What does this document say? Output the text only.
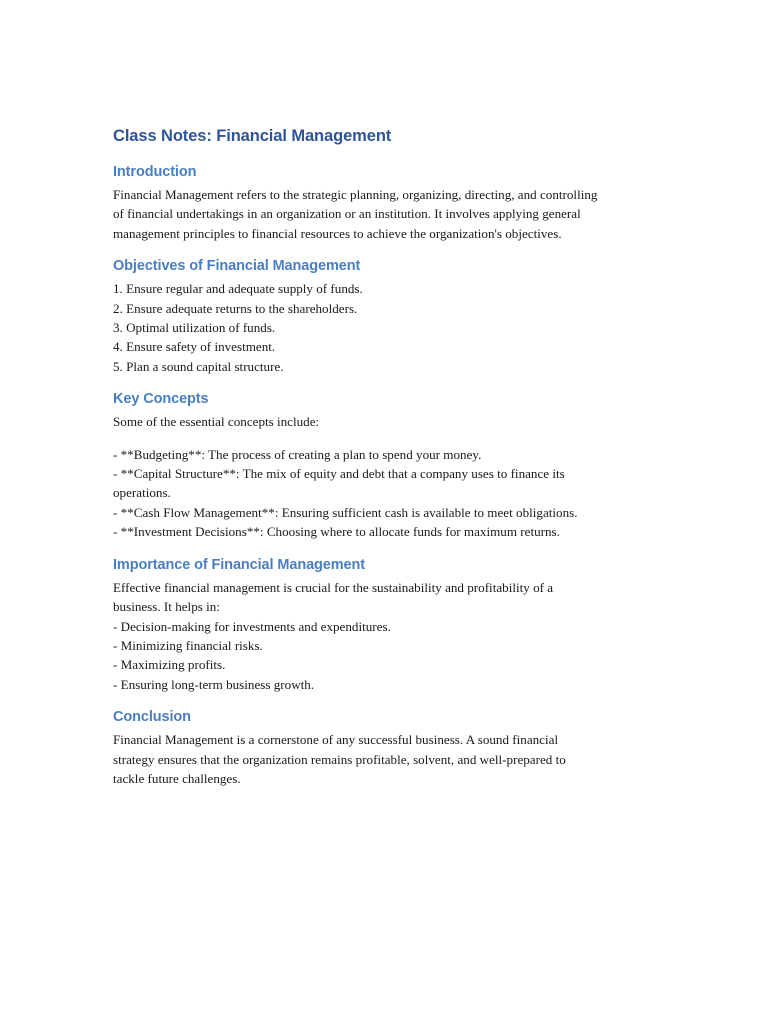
Class Notes: Financial Management
Introduction

Financial Management refers to the strategic planning, organizing, directing, and controlling
of financial undertakings in an organization or an institution. It involves applying general
management principles to financial resources to achieve the organization's objectives.

Objectives of Financial Management
1. Ensure regular and adequate supply of funds.
2. Ensure adequate returns to the shareholders.
3. Optimal utilization of funds.
4. Ensure safety of investment.
5. Plan a sound capital structure.
Key Concepts

Some of the essential concepts include:

- **Budgeting**: The process of creating a plan to spend your money.
- **Capital Structure**: The mix of equity and debt that a company uses to finance its
operations.
- **Cash Flow Management**: Ensuring sufficient cash is available to meet obligations.
- **Investment Decisions**: Choosing where to allocate funds for maximum returns.
Importance of Financial Management

Effective financial management is crucial for the sustainability and profitability of a
business. It helps in:

- Decision-making for investments and expenditures.
- Minimizing financial risks.
- Maximizing profits.
- Ensuring long-term business growth.
Conclusion

Financial Management is a cornerstone of any successful business. A sound financial
strategy ensures that the organization remains profitable, solvent, and well-prepared to
tackle future challenges.
